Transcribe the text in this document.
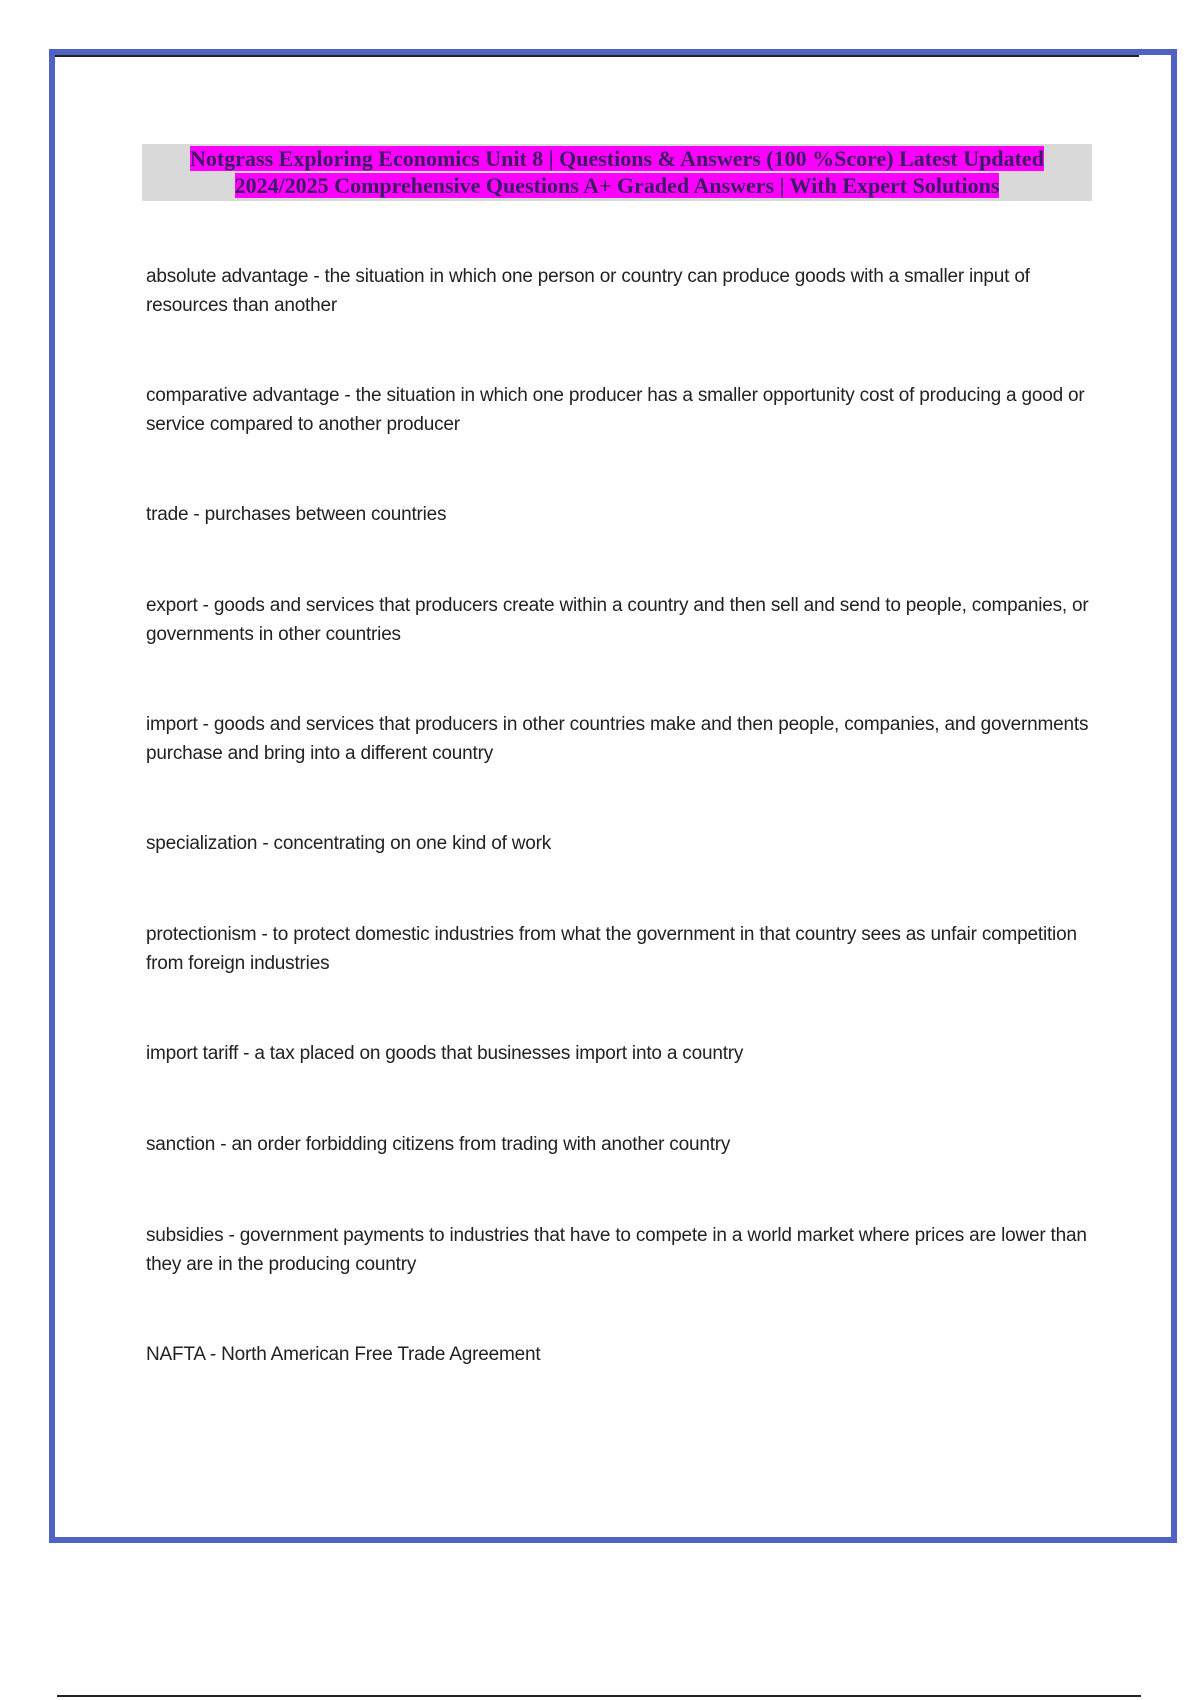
Notgrass Exploring Economics Unit 8 | Questions & Answers (100 %Score) Latest Updated
2024/2025 Comprehensive Questions A+ Graded Answers | With Expert Solutions

absolute advantage - the situation in which one person or country can produce goods with a smaller input of resources than another

comparative advantage - the situation in which one producer has a smaller opportunity cost of producing a good or service compared to another producer

trade - purchases between countries

export - goods and services that producers create within a country and then sell and send to people, companies, or governments in other countries

import - goods and services that producers in other countries make and then people, companies, and governments purchase and bring into a different country

specialization - concentrating on one kind of work

protectionism - to protect domestic industries from what the government in that country sees as unfair competition from foreign industries

import tariff - a tax placed on goods that businesses import into a country

sanction - an order forbidding citizens from trading with another country

subsidies - government payments to industries that have to compete in a world market where prices are lower than they are in the producing country

NAFTA - North American Free Trade Agreement
